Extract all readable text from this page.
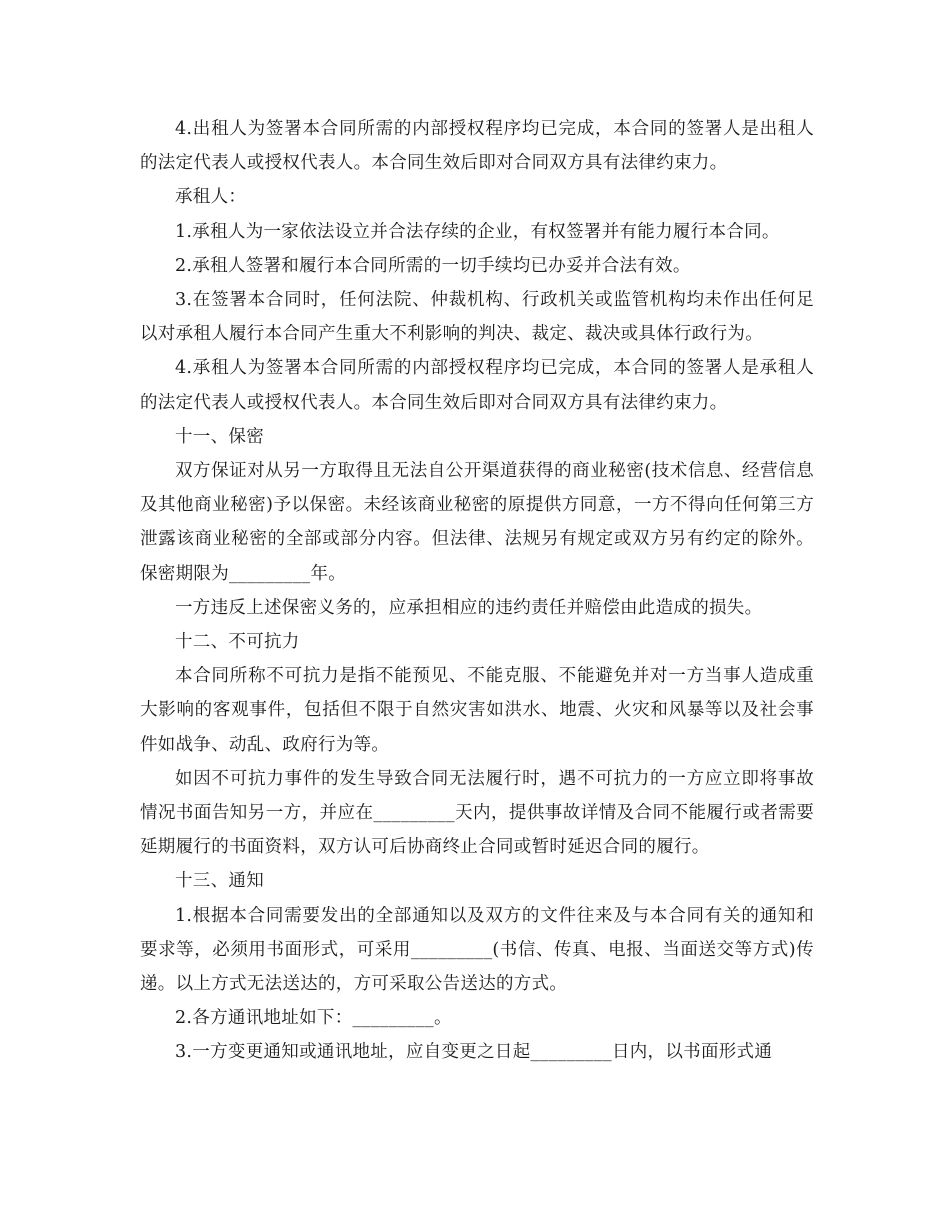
4.出租人为签署本合同所需的内部授权程序均已完成，本合同的签署人是出租人的法定代表人或授权代表人。本合同生效后即对合同双方具有法律约束力。

承租人：

1.承租人为一家依法设立并合法存续的企业，有权签署并有能力履行本合同。

2.承租人签署和履行本合同所需的一切手续均已办妥并合法有效。

3.在签署本合同时，任何法院、仲裁机构、行政机关或监管机构均未作出任何足以对承租人履行本合同产生重大不利影响的判决、裁定、裁决或具体行政行为。

4.承租人为签署本合同所需的内部授权程序均已完成，本合同的签署人是承租人的法定代表人或授权代表人。本合同生效后即对合同双方具有法律约束力。

十一、保密

双方保证对从另一方取得且无法自公开渠道获得的商业秘密(技术信息、经营信息及其他商业秘密)予以保密。未经该商业秘密的原提供方同意，一方不得向任何第三方泄露该商业秘密的全部或部分内容。但法律、法规另有规定或双方另有约定的除外。保密期限为_________年。

一方违反上述保密义务的，应承担相应的违约责任并赔偿由此造成的损失。

十二、不可抗力

本合同所称不可抗力是指不能预见、不能克服、不能避免并对一方当事人造成重大影响的客观事件，包括但不限于自然灾害如洪水、地震、火灾和风暴等以及社会事件如战争、动乱、政府行为等。

如因不可抗力事件的发生导致合同无法履行时，遇不可抗力的一方应立即将事故情况书面告知另一方，并应在_________天内，提供事故详情及合同不能履行或者需要延期履行的书面资料，双方认可后协商终止合同或暂时延迟合同的履行。

十三、通知

1.根据本合同需要发出的全部通知以及双方的文件往来及与本合同有关的通知和要求等，必须用书面形式，可采用_________(书信、传真、电报、当面送交等方式)传递。以上方式无法送达的，方可采取公告送达的方式。

2.各方通讯地址如下：_________。

3.一方变更通知或通讯地址，应自变更之日起_________日内，以书面形式通
